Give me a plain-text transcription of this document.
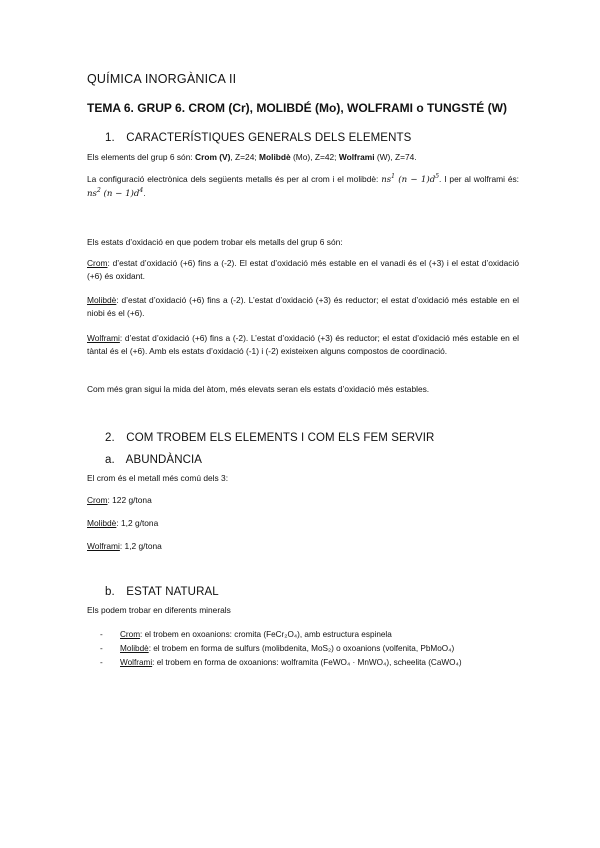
QUÍMICA INORGÀNICA II
TEMA 6. GRUP 6. CROM (Cr), MOLIBDÉ (Mo), WOLFRAMI o TUNGSTÉ (W)
1. CARACTERÍSTIQUES GENERALS DELS ELEMENTS
Els elements del grup 6 són: Crom (V), Z=24; Molibdè (Mo), Z=42; Wolframi (W), Z=74.
La configuració electrònica dels següents metalls és per al crom i el molibdè: $ns^1$ $(n - 1)d^5$. I per al wolframi és: $ns^2$ $(n - 1)d^4$.
Els estats d’oxidació en que podem trobar els metalls del grup 6 són:
Crom: d’estat d’oxidació (+6) fins a (-2). El estat d’oxidació més estable en el vanadi és el (+3) i el estat d’oxidació (+6) és oxidant.
Molibdè: d’estat d’oxidació (+6) fins a (-2). L’estat d’oxidació (+3) és reductor; el estat d’oxidació més estable en el niobi és el (+6).
Wolframi: d’estat d’oxidació (+6) fins a (-2). L’estat d’oxidació (+3) és reductor; el estat d’oxidació més estable en el tàntal és el (+6). Amb els estats d’oxidació (-1) i (-2) existeixen alguns compostos de coordinació.
Com més gran sigui la mida del àtom, més elevats seran els estats d’oxidació més estables.
2. COM TROBEM ELS ELEMENTS I COM ELS FEM SERVIR
a. ABUNDÀNCIA
El crom és el metall més comú dels 3:
Crom: 122 g/tona
Molibdè: 1,2 g/tona
Wolframi: 1,2 g/tona
b. ESTAT NATURAL
Els podem trobar en diferents minerals
- Crom: el trobem en oxoanions: cromita (FeCr₂O₄), amb estructura espinela
- Molibdè: el trobem en forma de sulfurs (molibdenita, MoS₂) o oxoanions (volfenita, PbMoO₄)
- Wolframi: el trobem en forma de oxoanions: wolframita (FeWO₄ · MnWO₄), scheelita (CaWO₄)
